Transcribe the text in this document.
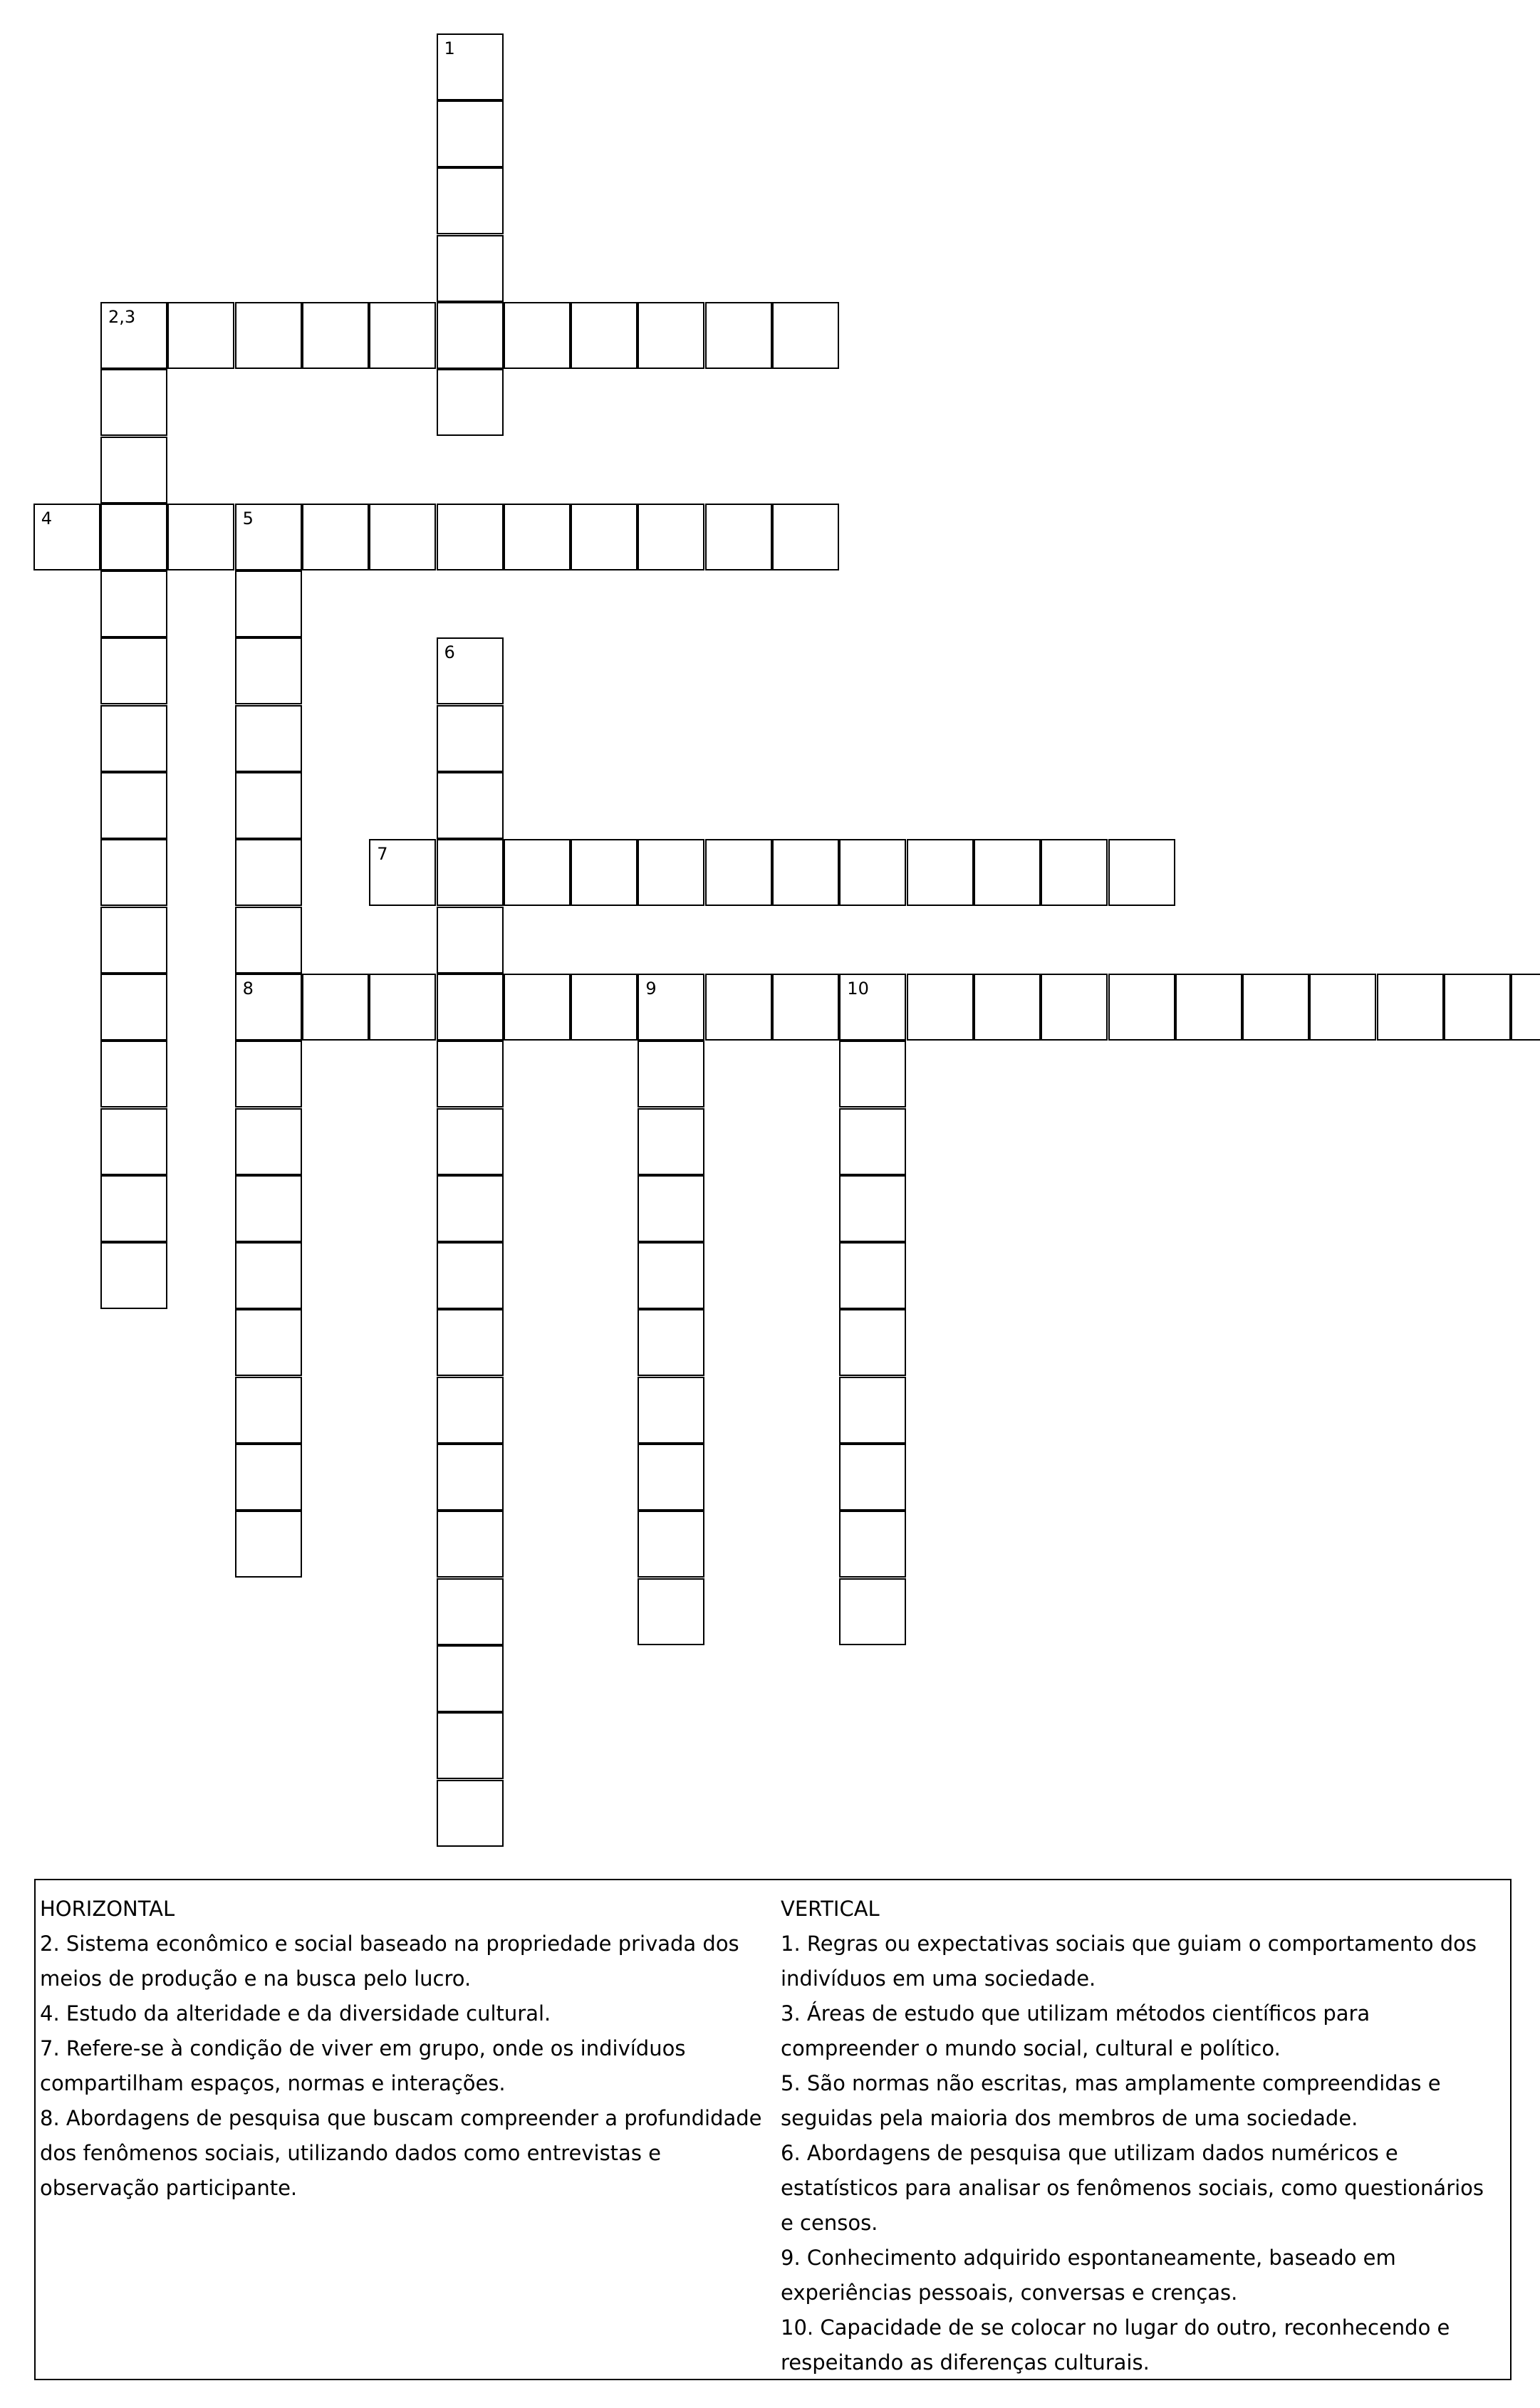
1
2,3
4	5
8
6
7
9	10
HORIZONTAL
2. Sistema econômico e social baseado na propriedade privada dos meios de produção e na busca pelo lucro.
4. Estudo da alteridade e da diversidade cultural.
7. Refere-se à condição de viver em grupo, onde os indivíduos compartilham espaços, normas e interações.
8. Abordagens de pesquisa que buscam compreender a profundidade dos fenômenos sociais, utilizando dados como entrevistas e observação participante.
VERTICAL
1. Regras ou expectativas sociais que guiam o comportamento dos indivíduos em uma sociedade.
3. Áreas de estudo que utilizam métodos científicos para compreender o mundo social, cultural e político.
5. São normas não escritas, mas amplamente compreendidas e seguidas pela maioria dos membros de uma sociedade.
6. Abordagens de pesquisa que utilizam dados numéricos e estatísticos para analisar os fenômenos sociais, como questionários e censos.
9. Conhecimento adquirido espontaneamente, baseado em experiências pessoais, conversas e crenças.
10. Capacidade de se colocar no lugar do outro, reconhecendo e respeitando as diferenças culturais.
